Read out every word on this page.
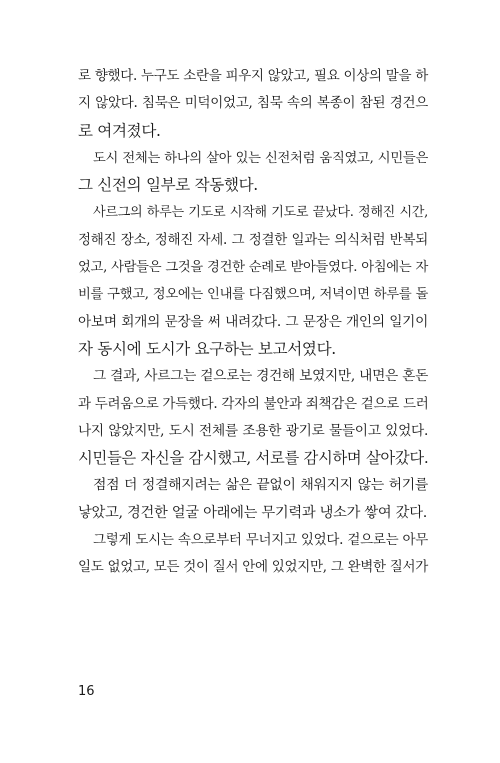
로 향했다. 누구도 소란을 피우지 않았고, 필요 이상의 말을 하
지 않았다. 침묵은 미덕이었고, 침묵 속의 복종이 참된 경건으
로 여겨졌다.
도시 전체는 하나의 살아 있는 신전처럼 움직였고, 시민들은
그 신전의 일부로 작동했다.
사르그의 하루는 기도로 시작해 기도로 끝났다. 정해진 시간,
정해진 장소, 정해진 자세. 그 정결한 일과는 의식처럼 반복되
었고, 사람들은 그것을 경건한 순례로 받아들였다. 아침에는 자
비를 구했고, 정오에는 인내를 다짐했으며, 저녁이면 하루를 돌
아보며 회개의 문장을 써 내려갔다. 그 문장은 개인의 일기이
자 동시에 도시가 요구하는 보고서였다.
그 결과, 사르그는 겉으로는 경건해 보였지만, 내면은 혼돈
과 두려움으로 가득했다. 각자의 불안과 죄책감은 겉으로 드러
나지 않았지만, 도시 전체를 조용한 광기로 물들이고 있었다.
시민들은 자신을 감시했고, 서로를 감시하며 살아갔다.
점점 더 정결해지려는 삶은 끝없이 채워지지 않는 허기를
낳았고, 경건한 얼굴 아래에는 무기력과 냉소가 쌓여 갔다.
그렇게 도시는 속으로부터 무너지고 있었다. 겉으로는 아무
일도 없었고, 모든 것이 질서 안에 있었지만, 그 완벽한 질서가
16
